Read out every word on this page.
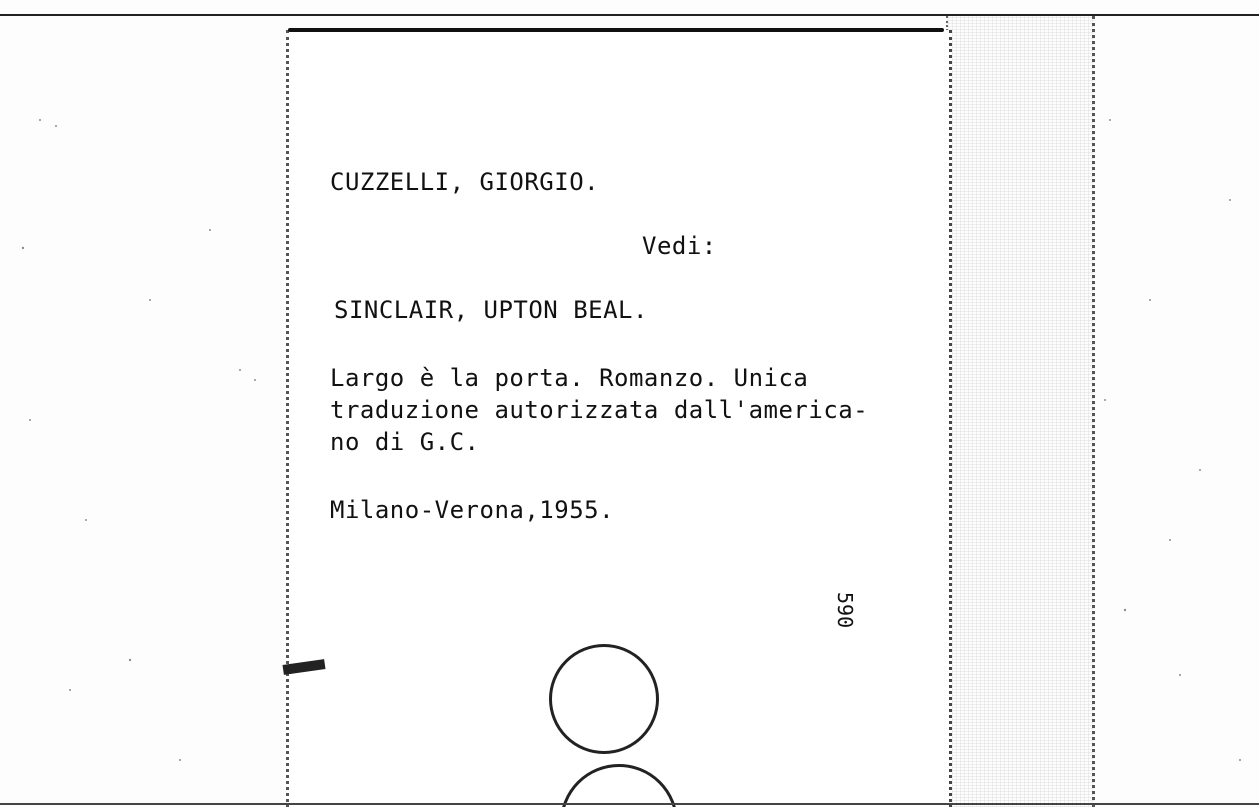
CUZZELLI, GIORGIO.

Vedi:

SINCLAIR, UPTON BEAL.

Largo è la porta. Romanzo. Unica

traduzione autorizzata dall'america-

no di G.C.

Milano-Verona,1955.

590
